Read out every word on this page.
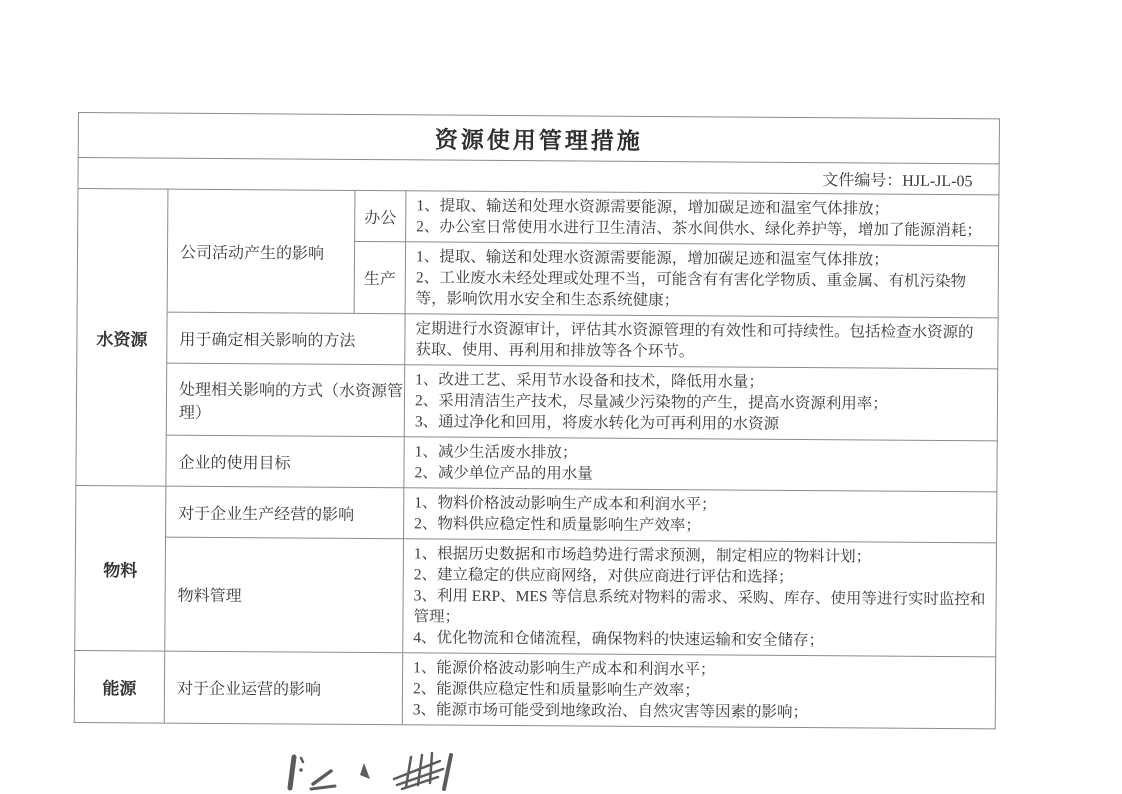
资源使用管理措施			
文件编号：HJL-JL-05			
水资源	公司活动产生的影响	办公	1、提取、输送和处理水资源需要能源，增加碳足迹和温室气体排放；
2、办公室日常使用水进行卫生清洁、茶水间供水、绿化养护等，增加了能源消耗；
		生产	1、提取、输送和处理水资源需要能源，增加碳足迹和温室气体排放；
2、工业废水未经处理或处理不当，可能含有有害化学物质、重金属、有机污染物等，影响饮用水安全和生态系统健康；
	用于确定相关影响的方法		定期进行水资源审计，评估其水资源管理的有效性和可持续性。包括检查水资源的获取、使用、再利用和排放等各个环节。
	处理相关影响的方式（水资源管理）		1、改进工艺、采用节水设备和技术，降低用水量；
2、采用清洁生产技术，尽量减少污染物的产生，提高水资源利用率；
3、通过净化和回用，将废水转化为可再利用的水资源
	企业的使用目标		1、减少生活废水排放；
2、减少单位产品的用水量
物料	对于企业生产经营的影响		1、物料价格波动影响生产成本和利润水平；
2、物料供应稳定性和质量影响生产效率；
	物料管理		1、根据历史数据和市场趋势进行需求预测，制定相应的物料计划；
2、建立稳定的供应商网络，对供应商进行评估和选择；
3、利用 ERP、MES 等信息系统对物料的需求、采购、库存、使用等进行实时监控和管理；
4、优化物流和仓储流程，确保物料的快速运输和安全储存；
能源	对于企业运营的影响		1、能源价格波动影响生产成本和利润水平；
2、能源供应稳定性和质量影响生产效率；
3、能源市场可能受到地缘政治、自然灾害等因素的影响；
